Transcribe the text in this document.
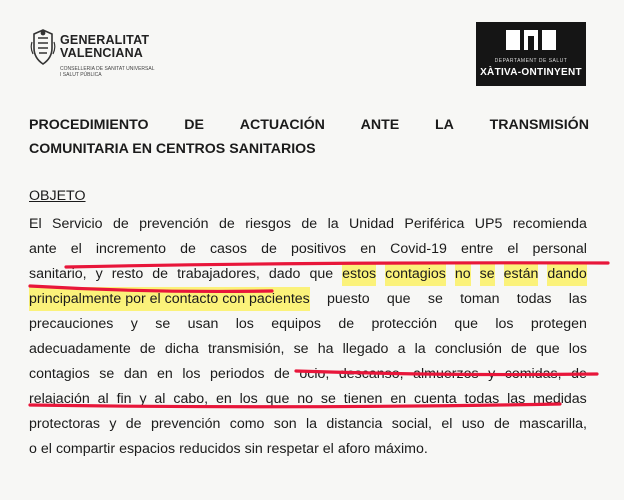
GENERALITAT
VALENCIANA
CONSELLERIA DE SANITAT UNIVERSAL
I SALUT PÚBLICA
DEPARTAMENT DE SALUT
XÀTIVA-ONTINYENT
PROCEDIMIENTO	DE	ACTUACIÓN	ANTE	LA	TRANSMISIÓN
COMUNITARIA EN CENTROS SANITARIOS
OBJETO
El Servicio de prevención de riesgos de la Unidad Periférica UP5 recomienda
ante el incremento de casos de positivos en Covid-19 entre el personal
sanitario, y resto de trabajadores, dado que estos contagios no se están dando
principalmente por el contacto con pacientes puesto que se toman todas las
precauciones y se usan los equipos de protección que los protegen
adecuadamente de dicha transmisión, se ha llegado a la conclusión de que los
contagios se dan en los periodos de ocio, descanso, almuerzos y comidas, de
relajación al fin y al cabo, en los que no se tienen en cuenta todas las medidas
protectoras y de prevención como son la distancia social, el uso de mascarilla,
o el compartir espacios reducidos sin respetar el aforo máximo.
